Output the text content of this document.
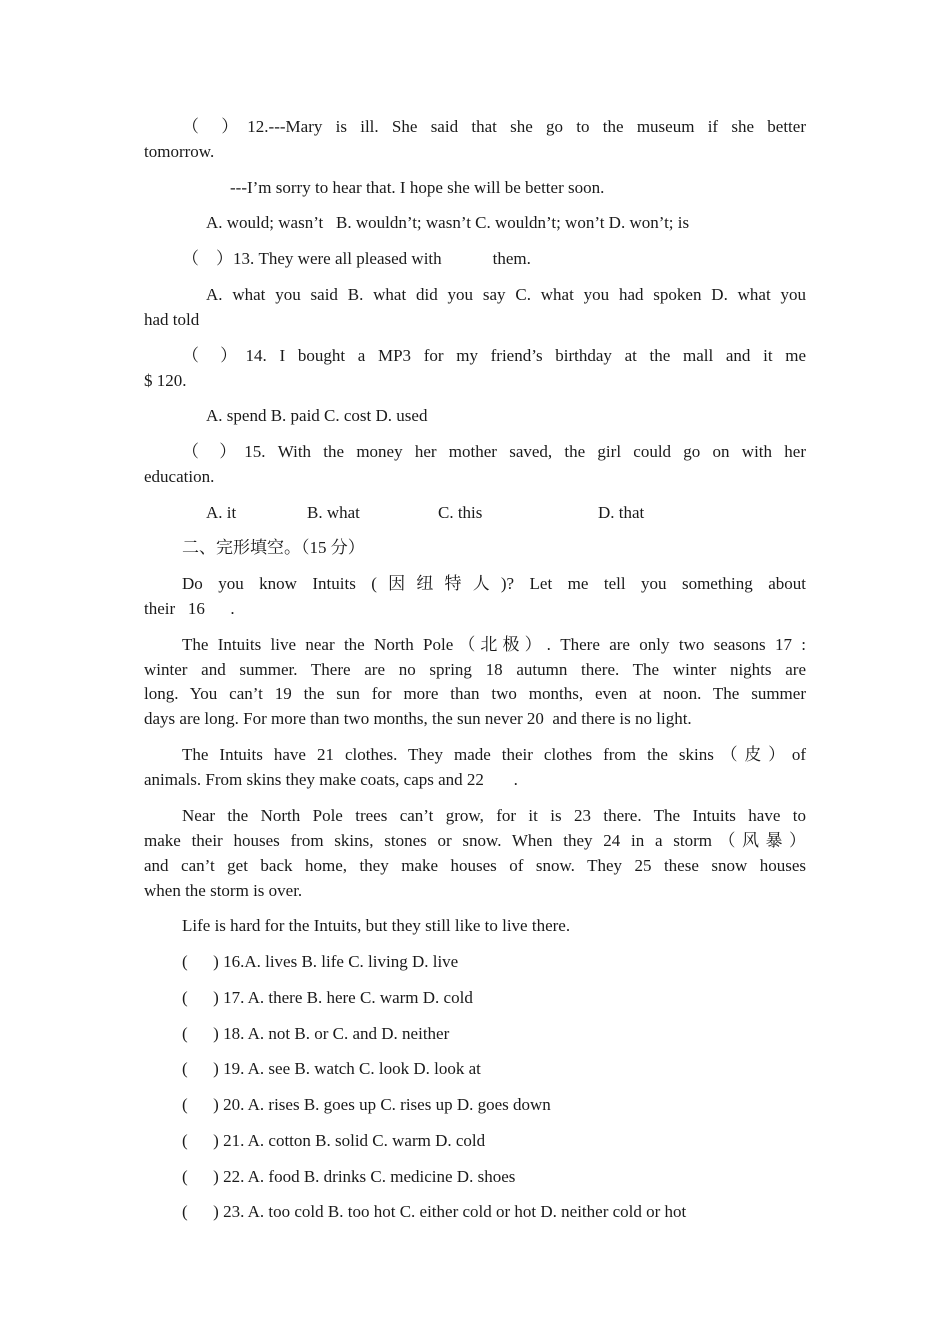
（ ）12.---Mary is ill. She said that she go to the museum if she better
tomorrow.
---I’m sorry to hear that. I hope she will be better soon.
A. would; wasn’t   B. wouldn’t; wasn’t C. wouldn’t; won’t D. won’t; is
（    ）13. They were all pleased with            them.
A. what you said B. what did you say C. what you had spoken D. what you
had told
（ ）14. I bought a MP3 for my friend’s birthday at the mall and it me
$ 120.
A. spend B. paid C. cost D. used
（ ）15. With the money her mother saved, the girl could go on with her
education.
A. it	B. what	C. this	D. that
二、完形填空。（15 分）
Do you know Intuits (因纽特人)? Let me tell you something about
their   16      .
The Intuits live near the North Pole（北极）. There are only two seasons 17 :
winter and summer. There are no spring 18 autumn there. The winter nights are
long. You can’t 19 the sun for more than two months, even at noon. The summer
days are long. For more than two months, the sun never 20  and there is no light.
The Intuits have 21 clothes. They made their clothes from the skins（皮）of
animals. From skins they make coats, caps and 22       .
Near the North Pole trees can’t grow, for it is 23 there. The Intuits have to
make their houses from skins, stones or snow. When they 24 in a storm（风暴）
and can’t get back home, they make houses of snow. They 25 these snow houses
when the storm is over.
Life is hard for the Intuits, but they still like to live there.
(      ) 16.A. lives B. life C. living D. live
(      ) 17. A. there B. here C. warm D. cold
(      ) 18. A. not B. or C. and D. neither
(      ) 19. A. see B. watch C. look D. look at
(      ) 20. A. rises B. goes up C. rises up D. goes down
(      ) 21. A. cotton B. solid C. warm D. cold
(      ) 22. A. food B. drinks C. medicine D. shoes
(      ) 23. A. too cold B. too hot C. either cold or hot D. neither cold or hot
